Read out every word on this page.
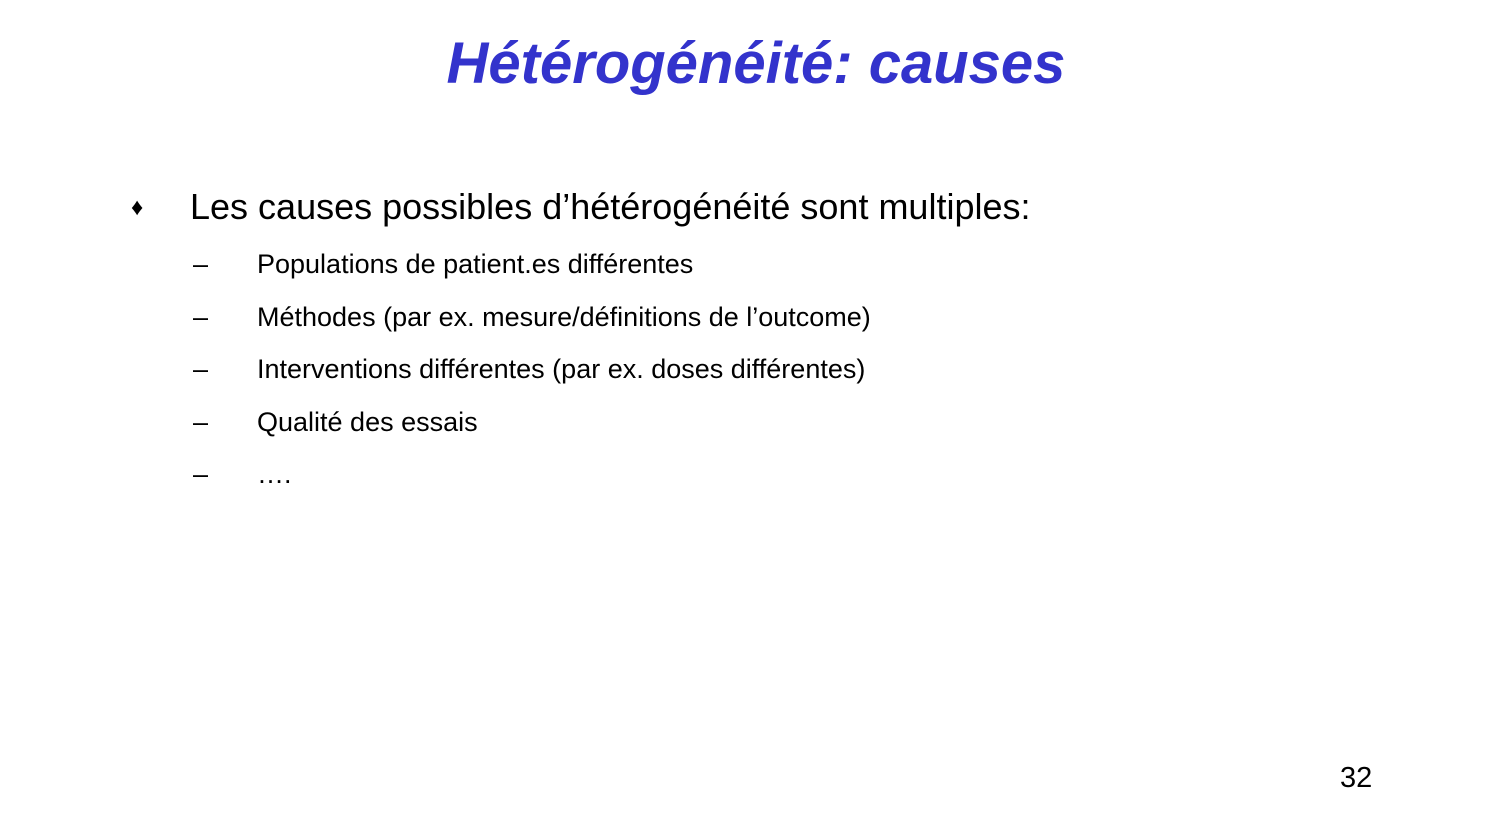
Hétérogénéité: causes
♦	Les causes possibles d’hétérogénéité sont multiples:
–	Populations de patient.es différentes
–	Méthodes (par ex. mesure/définitions de l’outcome)
–	Interventions différentes (par ex. doses différentes)
–	Qualité des essais
–	….
32
